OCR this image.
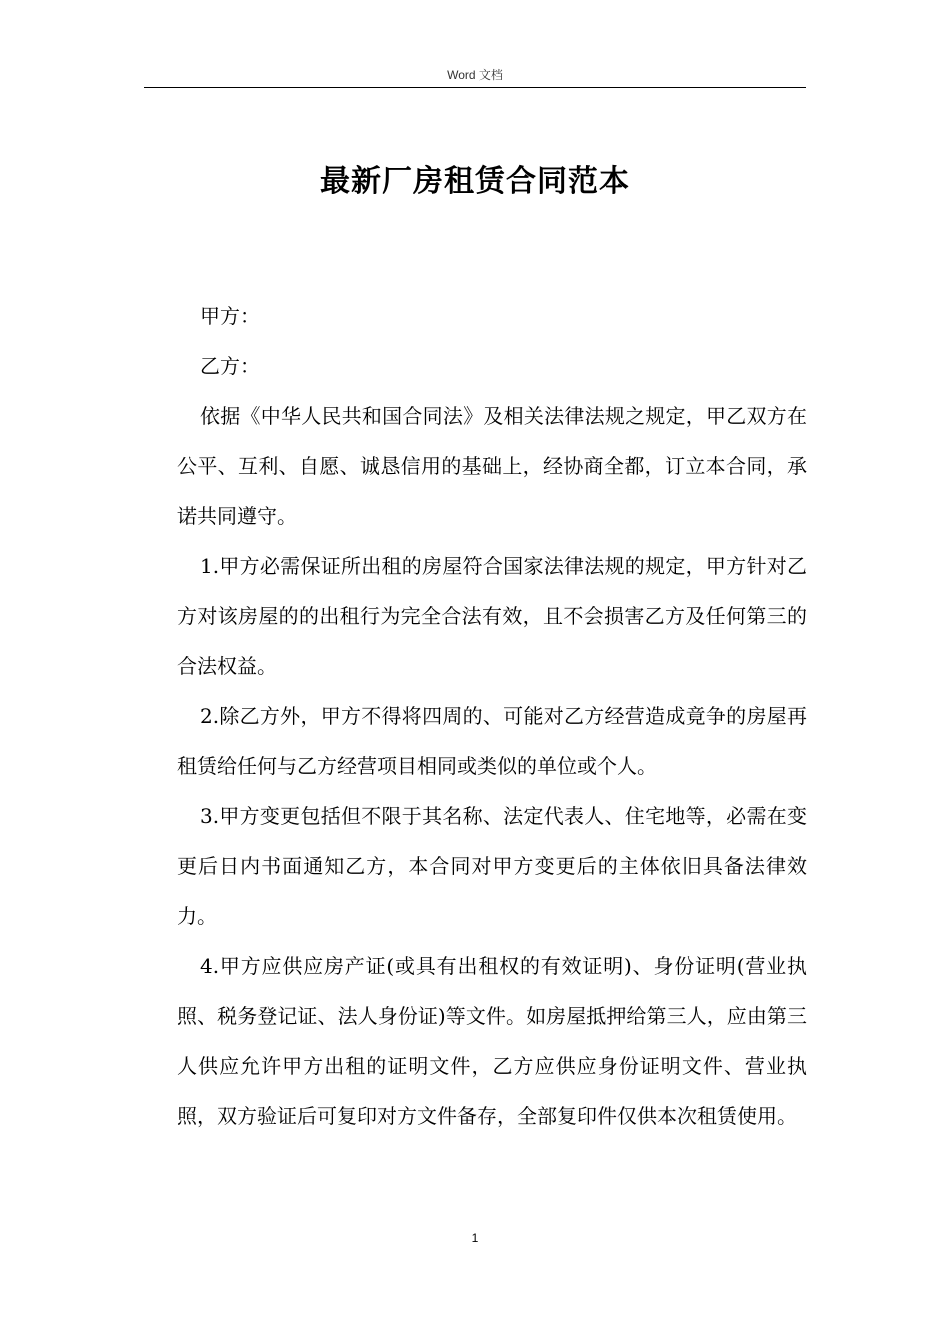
Word 文档
最新厂房租赁合同范本

甲方：

乙方：

依据《中华人民共和国合同法》及相关法律法规之规定，甲乙双方在公平、互利、自愿、诚恳信用的基础上，经协商全都，订立本合同，承诺共同遵守。

1.甲方必需保证所出租的房屋符合国家法律法规的规定，甲方针对乙方对该房屋的的出租行为完全合法有效，且不会损害乙方及任何第三的合法权益。

2.除乙方外，甲方不得将四周的、可能对乙方经营造成竟争的房屋再租赁给任何与乙方经营项目相同或类似的单位或个人。

3.甲方变更包括但不限于其名称、法定代表人、住宅地等，必需在变更后日内书面通知乙方，本合同对甲方变更后的主体依旧具备法律效力。

4.甲方应供应房产证(或具有出租权的有效证明)、身份证明(营业执照、税务登记证、法人身份证)等文件。如房屋抵押给第三人，应由第三人供应允许甲方出租的证明文件，乙方应供应身份证明文件、营业执照，双方验证后可复印对方文件备存，全部复印件仅供本次租赁使用。

1
